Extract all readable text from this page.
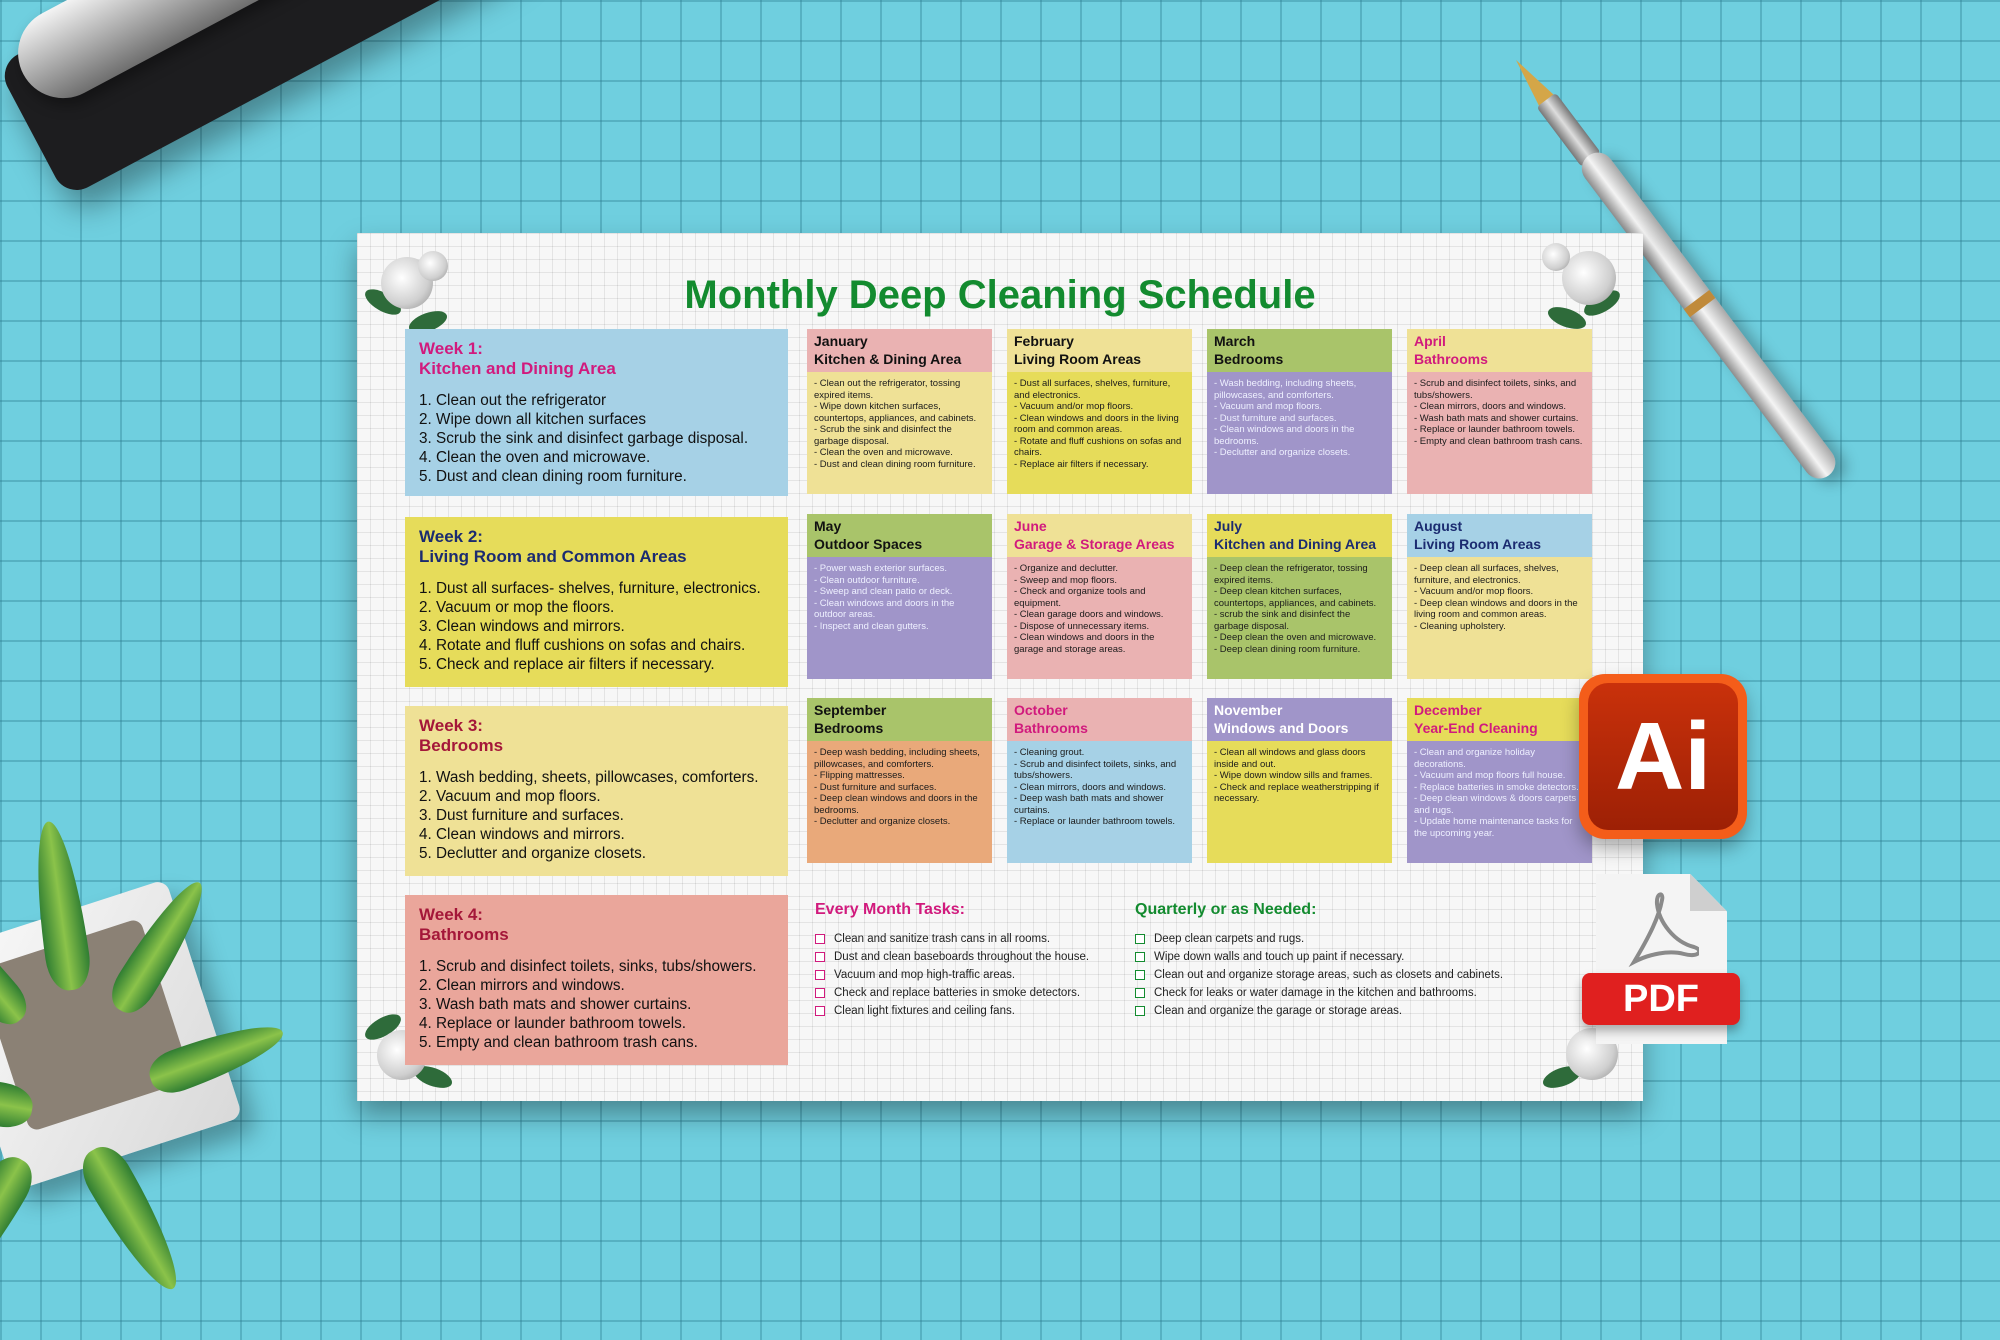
Monthly Deep Cleaning Schedule
Week 1:
Kitchen and Dining Area
1. Clean out the refrigerator
2. Wipe down all kitchen surfaces
3. Scrub the sink and disinfect garbage disposal.
4. Clean the oven and microwave.
5. Dust and clean dining room furniture.
Week 2:
Living Room and Common Areas
1. Dust all surfaces- shelves, furniture, electronics.
2. Vacuum or mop the floors.
3. Clean windows and mirrors.
4. Rotate and fluff cushions on sofas and chairs.
5. Check and replace air filters if necessary.
Week 3:
Bedrooms
1. Wash bedding, sheets, pillowcases, comforters.
2. Vacuum and mop floors.
3. Dust furniture and surfaces.
4. Clean windows and mirrors.
5. Declutter and organize closets.
Week 4:
Bathrooms
1. Scrub and disinfect toilets, sinks, tubs/showers.
2. Clean mirrors and windows.
3. Wash bath mats and shower curtains.
4. Replace or launder bathroom towels.
5. Empty and clean bathroom trash cans.
January
Kitchen & Dining Area
- Clean out the refrigerator, tossing expired items.
- Wipe down kitchen surfaces, countertops, appliances, and cabinets.
- Scrub the sink and disinfect the garbage disposal.
- Clean the oven and microwave.
- Dust and clean dining room furniture.
February
Living Room Areas
- Dust all surfaces, shelves, furniture, and electronics.
- Vacuum and/or mop floors.
- Clean windows and doors in the living room and common areas.
- Rotate and fluff cushions on sofas and chairs.
- Replace air filters if necessary.
March
Bedrooms
- Wash bedding, including sheets, pillowcases, and comforters.
- Vacuum and mop floors.
- Dust furniture and surfaces.
- Clean windows and doors in the bedrooms.
- Declutter and organize closets.
April
Bathrooms
- Scrub and disinfect toilets, sinks, and tubs/showers.
- Clean mirrors, doors and windows.
- Wash bath mats and shower curtains.
- Replace or launder bathroom towels.
- Empty and clean bathroom trash cans.
May
Outdoor Spaces
- Power wash exterior surfaces.
- Clean outdoor furniture.
- Sweep and clean patio or deck.
- Clean windows and doors in the outdoor areas.
- Inspect and clean gutters.
June
Garage & Storage Areas
- Organize and declutter.
- Sweep and mop floors.
- Check and organize tools and equipment.
- Clean garage doors and windows.
- Dispose of unnecessary items.
- Clean windows and doors in the garage and storage areas.
July
Kitchen and Dining Area
- Deep clean the refrigerator, tossing expired items.
- Deep clean kitchen surfaces, countertops, appliances, and cabinets.
- scrub the sink and disinfect the garbage disposal.
- Deep clean the oven and microwave.
- Deep clean dining room furniture.
August
Living Room Areas
- Deep clean all surfaces, shelves, furniture, and electronics.
- Vacuum and/or mop floors.
- Deep clean windows and doors in the living room and common areas.
- Cleaning upholstery.
September
Bedrooms
- Deep wash bedding, including sheets, pillowcases, and comforters.
- Flipping mattresses.
- Dust furniture and surfaces.
- Deep clean windows and doors in the bedrooms.
- Declutter and organize closets.
October
Bathrooms
- Cleaning grout.
- Scrub and disinfect toilets, sinks, and tubs/showers.
- Clean mirrors, doors and windows.
- Deep wash bath mats and shower curtains.
- Replace or launder bathroom towels.
November
Windows and Doors
- Clean all windows and glass doors inside and out.
- Wipe down window sills and frames.
- Check and replace weatherstripping if necessary.
December
Year-End Cleaning
- Clean and organize holiday decorations.
- Vacuum and mop floors full house.
- Replace batteries in smoke detectors.
- Deep clean windows & doors carpets and rugs.
- Update home maintenance tasks for the upcoming year.
Every Month Tasks:
Clean and sanitize trash cans in all rooms.
Dust and clean baseboards throughout the house.
Vacuum and mop high-traffic areas.
Check and replace batteries in smoke detectors.
Clean light fixtures and ceiling fans.
Quarterly or as Needed:
Deep clean carpets and rugs.
Wipe down walls and touch up paint if necessary.
Clean out and organize storage areas, such as closets and cabinets.
Check for leaks or water damage in the kitchen and bathrooms.
Clean and organize the garage or storage areas.
Ai
PDF
